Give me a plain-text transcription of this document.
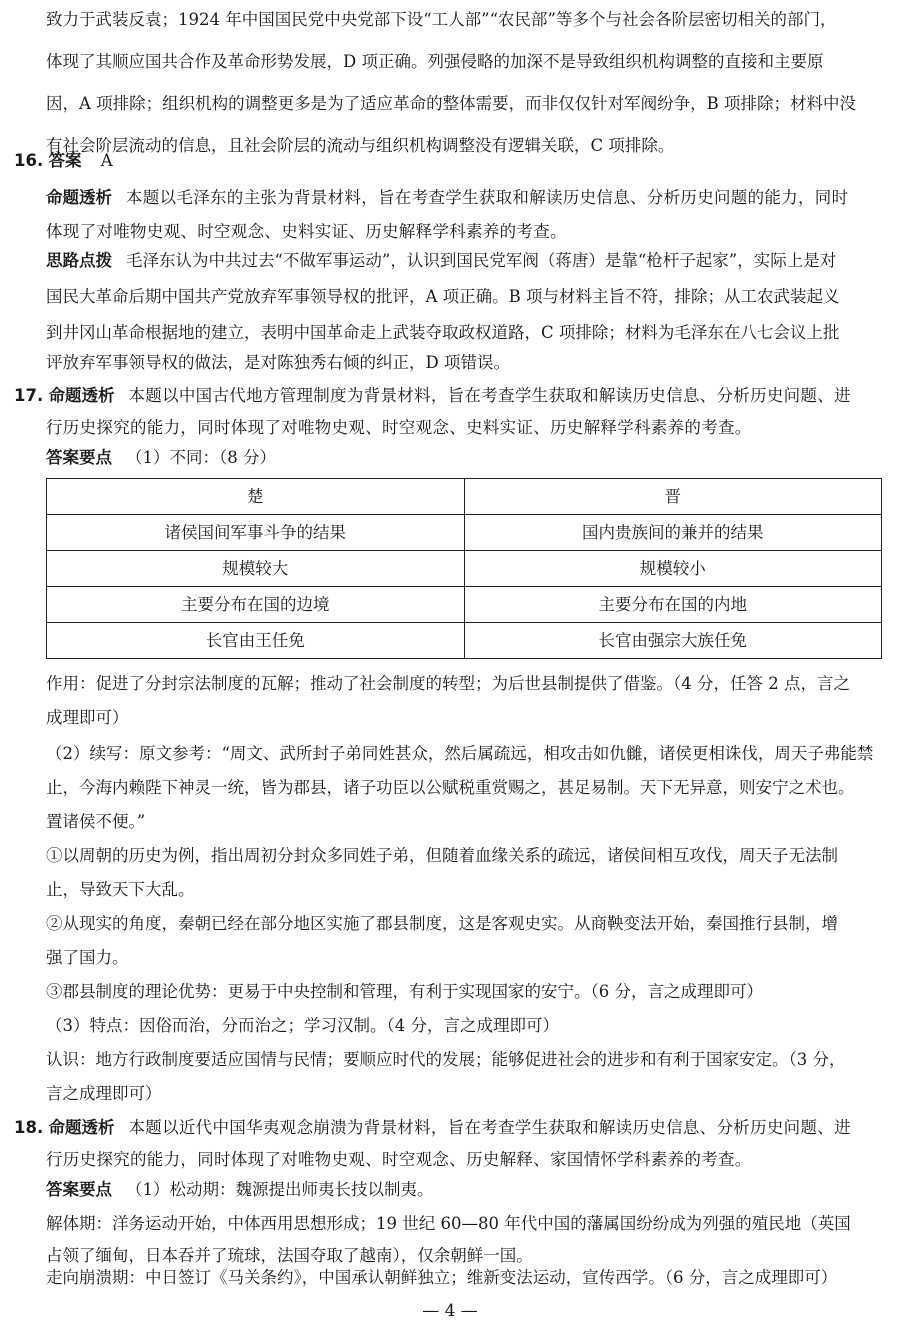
致力于武装反袁；1924 年中国国民党中央党部下设“工人部”“农民部”等多个与社会各阶层密切相关的部门，
体现了其顺应国共合作及革命形势发展，D 项正确。列强侵略的加深不是导致组织机构调整的直接和主要原
因，A 项排除；组织机构的调整更多是为了适应革命的整体需要，而非仅仅针对军阀纷争，B 项排除；材料中没
有社会阶层流动的信息，且社会阶层的流动与组织机构调整没有逻辑关联，C 项排除。
16. 答案 A
命题透析 本题以毛泽东的主张为背景材料，旨在考查学生获取和解读历史信息、分析历史问题的能力，同时
体现了对唯物史观、时空观念、史料实证、历史解释学科素养的考查。
思路点拨 毛泽东认为中共过去“不做军事运动”，认识到国民党军阀（蒋唐）是靠“枪杆子起家”，实际上是对
国民大革命后期中国共产党放弃军事领导权的批评，A 项正确。B 项与材料主旨不符，排除；从工农武装起义
到井冈山革命根据地的建立，表明中国革命走上武装夺取政权道路，C 项排除；材料为毛泽东在八七会议上批
评放弃军事领导权的做法，是对陈独秀右倾的纠正，D 项错误。
17. 命题透析 本题以中国古代地方管理制度为背景材料，旨在考查学生获取和解读历史信息、分析历史问题、进
行历史探究的能力，同时体现了对唯物史观、时空观念、史料实证、历史解释学科素养的考查。
答案要点 （1）不同：（8 分）
楚	晋
诸侯国间军事斗争的结果	国内贵族间的兼并的结果
规模较大	规模较小
主要分布在国的边境	主要分布在国的内地
长官由王任免	长官由强宗大族任免
作用：促进了分封宗法制度的瓦解；推动了社会制度的转型；为后世县制提供了借鉴。（4 分，任答 2 点，言之
成理即可）
（2）续写：原文参考：“周文、武所封子弟同姓甚众，然后属疏远，相攻击如仇雠，诸侯更相诛伐，周天子弗能禁
止，今海内赖陛下神灵一统，皆为郡县，诸子功臣以公赋税重赏赐之，甚足易制。天下无异意，则安宁之术也。
置诸侯不便。”
①以周朝的历史为例，指出周初分封众多同姓子弟，但随着血缘关系的疏远，诸侯间相互攻伐，周天子无法制
止，导致天下大乱。
②从现实的角度，秦朝已经在部分地区实施了郡县制度，这是客观史实。从商鞅变法开始，秦国推行县制，增
强了国力。
③郡县制度的理论优势：更易于中央控制和管理，有利于实现国家的安宁。（6 分，言之成理即可）
（3）特点：因俗而治，分而治之；学习汉制。（4 分，言之成理即可）
认识：地方行政制度要适应国情与民情；要顺应时代的发展；能够促进社会的进步和有利于国家安定。（3 分，
言之成理即可）
18. 命题透析 本题以近代中国华夷观念崩溃为背景材料，旨在考查学生获取和解读历史信息、分析历史问题、进
行历史探究的能力，同时体现了对唯物史观、时空观念、历史解释、家国情怀学科素养的考查。
答案要点 （1）松动期：魏源提出师夷长技以制夷。
解体期：洋务运动开始，中体西用思想形成；19 世纪 60—80 年代中国的藩属国纷纷成为列强的殖民地（英国
占领了缅甸，日本吞并了琉球，法国夺取了越南），仅余朝鲜一国。
走向崩溃期：中日签订《马关条约》，中国承认朝鲜独立；维新变法运动，宣传西学。（6 分，言之成理即可）
— 4 —
